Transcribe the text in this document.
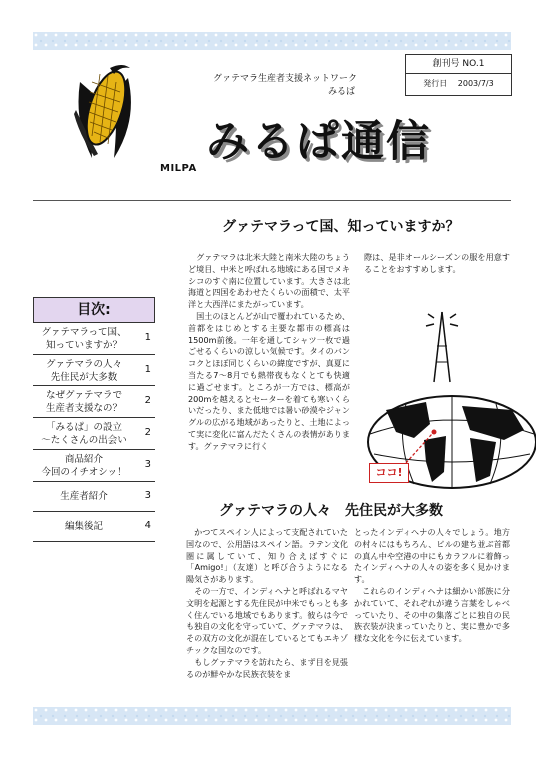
MILPA
グァテマラ生産者支援ネットワーク
みるぱ
創刊号 NO.1
発行日　 2003/7/3
みるぱ通信
目次:
グァテマラって国、
知っていますか？
1
グァテマラの人々
先住民が大多数
1
なぜグァテマラで
生産者支援なの？
2
「みるぱ」の設立
～たくさんの出会い
2
商品紹介
今回のイチオシッ！
3
生産者紹介	3
編集後記	4
グァテマラって国、知っていますか？

グァテマラは北米大陸と南米大陸のちょうど境目、中米と呼ばれる地域にある国でメキシコのすぐ南に位置しています。大きさは北海道と四国をあわせたくらいの面積で、太平洋と大西洋にまたがっています。

国土のほとんどが山で覆われているため、首都をはじめとする主要な都市の標高は1500m前後。一年を通してシャツ一枚で過ごせるくらいの涼しい気候です。タイのバンコクとほぼ同じくらいの緯度ですが、真夏に当たる7～8月でも熱帯夜もなくとても快適に過ごせます。ところが一方では、標高が200mを越えるとセーターを着ても寒いくらいだったり、また低地では暑い砂漠やジャングルの広がる地域があったりと、土地によって実に変化に富んだたくさんの表情があります。グァテマラに行く

際は、是非オールシーズンの服を用意することをおすすめします。

ココ!
グァテマラの人々　先住民が大多数

かつてスペイン人によって支配されていた国なので、公用語はスペイン語。ラテン文化圏に属していて、知り合えばすぐに「Amigo!」（友達）と呼び合うようになる陽気さがあります。

その一方で、インディヘナと呼ばれるマヤ文明を起源とする先住民が中米でもっとも多く住んでいる地域でもあります。彼らは今でも独自の文化を守っていて、グァテマラは、その双方の文化が混在しているとてもエキゾチックな国なのです。

もしグァテマラを訪れたら、まず目を見張るのが鮮やかな民族衣装をま

とったインディヘナの人々でしょう。地方の村々にはもちろん、ビルの建ち並ぶ首都の真ん中や空港の中にもカラフルに着飾ったインディヘナの人々の姿を多く見かけます。

これらのインディヘナは細かい部族に分かれていて、それぞれが違う言葉をしゃべっていたり、その中の集落ごとに独自の民族衣装が決まっていたりと、実に豊かで多様な文化を今に伝えています。
